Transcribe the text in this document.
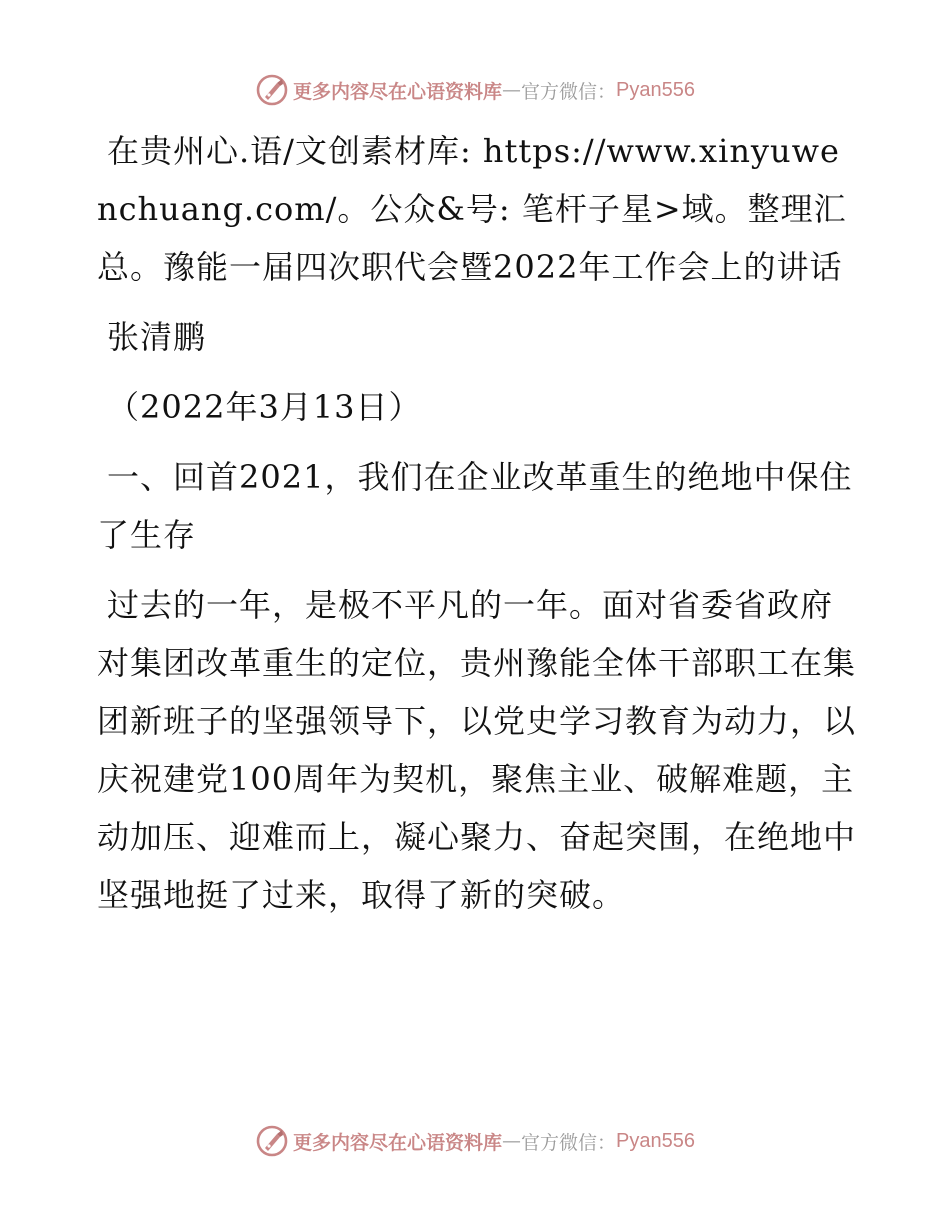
更多内容尽在心语资料库 — 官方微信： Pyan556

在贵州心.语/文创素材库: https://www.xinyuwenchuang.com/。公众&号: 笔杆子星>域。整理汇总。豫能一届四次职代会暨2022年工作会上的讲话

张清鹏

（2022年3月13日）

一、回首2021，我们在企业改革重生的绝地中保住了生存

过去的一年，是极不平凡的一年。面对省委省政府对集团改革重生的定位，贵州豫能全体干部职工在集团新班子的坚强领导下，以党史学习教育为动力，以庆祝建党100周年为契机，聚焦主业、破解难题，主动加压、迎难而上，凝心聚力、奋起突围，在绝地中坚强地挺了过来，取得了新的突破。

更多内容尽在心语资料库 — 官方微信： Pyan556
